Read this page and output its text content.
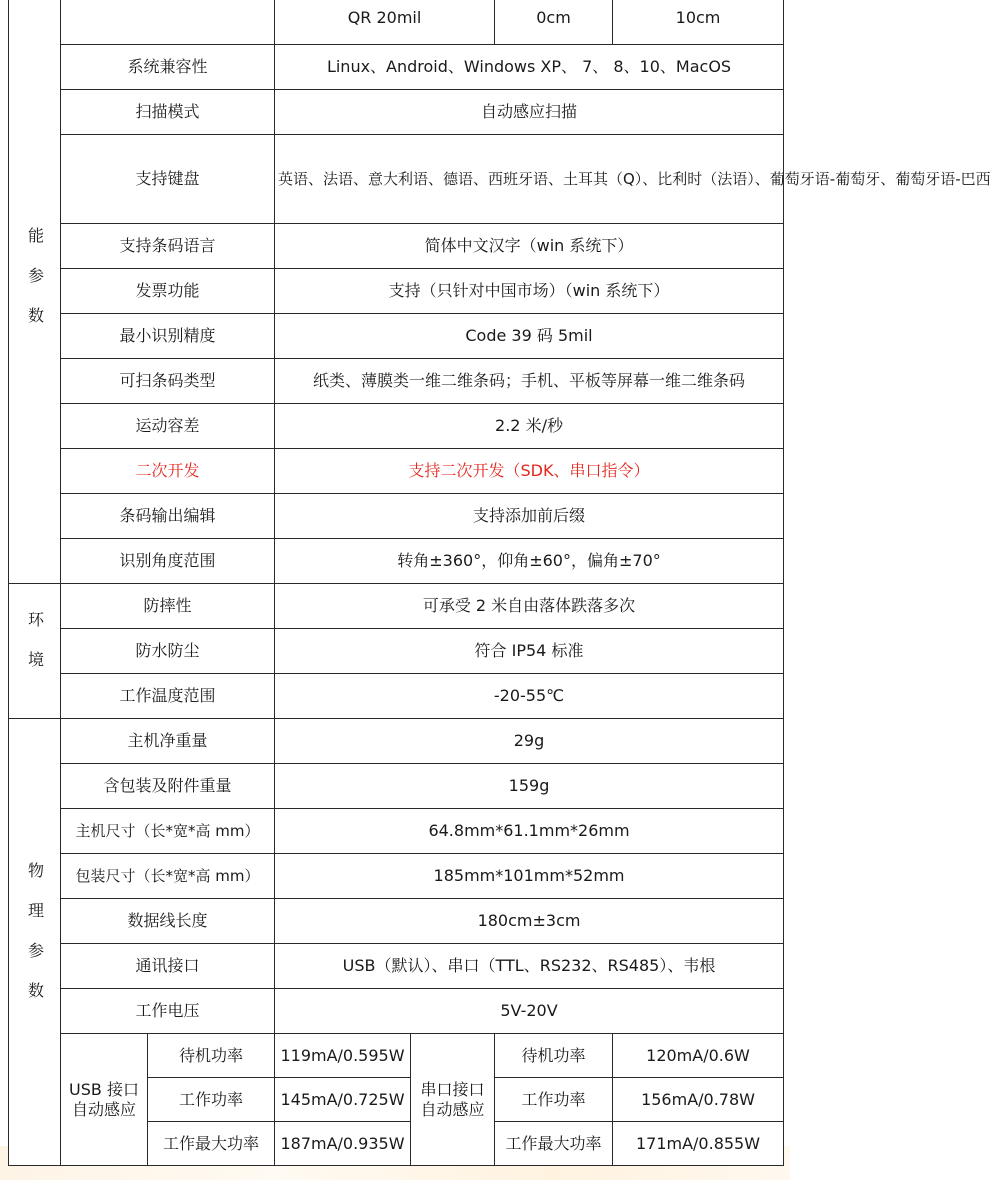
能参数			QR 20mil		0cm	10cm
	系统兼容性		Linux、Android、Windows XP、 7、 8、10、MacOS			
	扫描模式		自动感应扫描			
	支持键盘		英语、法语、意大利语、德语、西班牙语、土耳其（Q）、比利时（法语）、葡萄牙语-葡萄牙、葡萄牙语-巴西			
	支持条码语言		简体中文汉字（win 系统下）			
	发票功能		支持（只针对中国市场）（win 系统下）			
	最小识别精度		Code 39 码 5mil			
	可扫条码类型		纸类、薄膜类一维二维条码；手机、平板等屏幕一维二维条码			
	运动容差		2.2 米/秒			
	二次开发		支持二次开发（SDK、串口指令）			
	条码输出编辑		支持添加前后缀			
	识别角度范围		转角±360°，仰角±60°，偏角±70°			
环境	防摔性		可承受 2 米自由落体跌落多次			
	防水防尘		符合 IP54 标准			
	工作温度范围		-20-55℃			
物理参数	主机净重量		29g			
	含包装及附件重量		159g			
	主机尺寸（长*宽*高 mm）		64.8mm*61.1mm*26mm			
	包装尺寸（长*宽*高 mm）		185mm*101mm*52mm			
	数据线长度		180cm±3cm			
	通讯接口		USB（默认）、串口（TTL、RS232、RS485）、韦根			
	工作电压		5V-20V			
	USB 接口自动感应	待机功率	119mA/0.595W	串口接口自动感应	待机功率	120mA/0.6W
		工作功率	145mA/0.725W		工作功率	156mA/0.78W
		工作最大功率	187mA/0.935W		工作最大功率	171mA/0.855W
